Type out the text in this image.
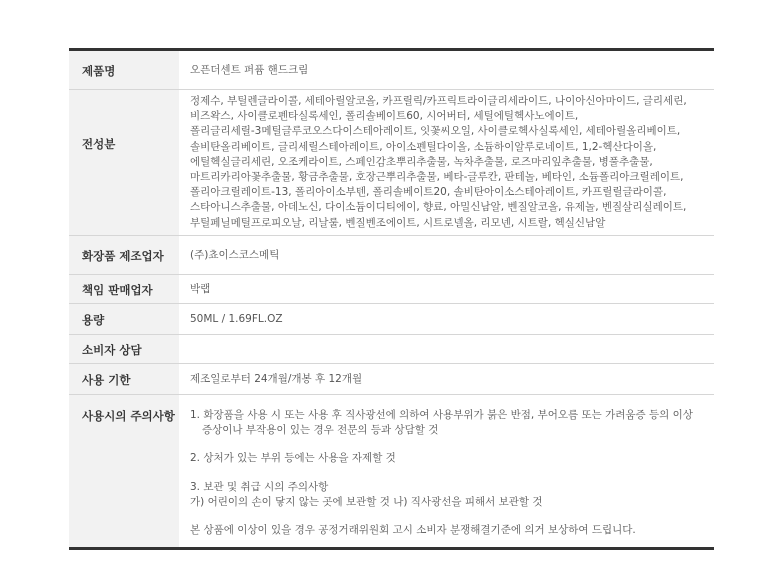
제품명	오픈더센트 퍼퓸 핸드크림
전성분
정제수, 부틸렌글라이콜, 세테아릴알코올, 카프릴릭/카프릭트라이글리세라이드, 나이아신아마이드, 글리세린,
비즈왁스, 사이클로펜타실록세인, 폴리솔베이트60, 시어버터, 세틸에틸헥사노에이트,
폴리글리세릴-3메틸글루코오스다이스테아레이트, 잇꽃씨오일, 사이클로헥사실록세인, 세테아릴올리베이트,
솔비탄올리베이트, 글리세릴스테아레이트, 아이소펜틸다이올, 소듐하이알루로네이트, 1,2-헥산다이올,
에틸헥실글리세린, 오조케라이트, 스페인감초뿌리추출물, 녹차추출물, 로즈마리잎추출물, 병풀추출물,
마트리카리아꽃추출물, 황금추출물, 호장근뿌리추출물, 베타-글루칸, 판테놀, 베타인, 소듐폴리아크릴레이트,
폴리아크릴레이트-13, 폴리아이소부텐, 폴리솔베이트20, 솔비탄아이소스테아레이트, 카프릴릴글라이콜,
스타아니스추출물, 아데노신, 다이소듐이디티에이, 향료, 아밀신남알, 벤질알코올, 유제놀, 벤질살리실레이트,
부틸페닐메틸프로피오날, 리날룰, 벤질벤조에이트, 시트로넬올, 리모넨, 시트랄, 헥실신남알
화장품 제조업자	(주)쵸이스코스메틱
책임 판매업자	박랩
용량	50ML / 1.69FL.OZ
소비자 상담
사용 기한	제조일로부터 24개월/개봉 후 12개월
사용시의 주의사항	1. 화장품을 사용 시 또는 사용 후 직사광선에 의하여 사용부위가 붉은 반점, 부어오름 또는 가려움증 등의 이상
증상이나 부작용이 있는 경우 전문의 등과 상담할 것
2. 상처가 있는 부위 등에는 사용을 자제할 것
3. 보관 및 취급 시의 주의사항
가) 어린이의 손이 닿지 않는 곳에 보관할 것 나) 직사광선을 피해서 보관할 것
본 상품에 이상이 있을 경우 공정거래위원회 고시 소비자 분쟁해결기준에 의거 보상하여 드립니다.
